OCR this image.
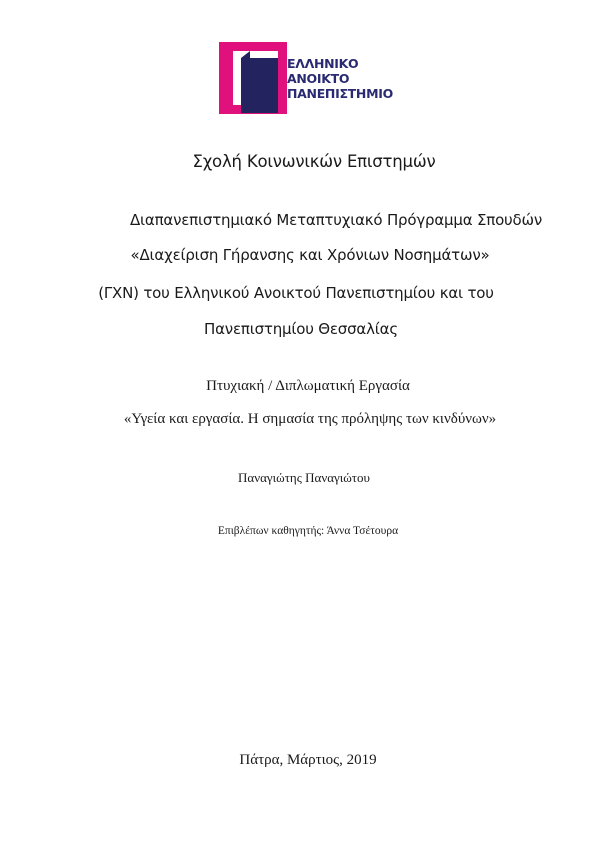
ΕΛΛΗΝΙΚΟ
ΑΝΟΙΚΤΟ
ΠΑΝΕΠΙΣΤΗΜΙΟ
Σχολή Κοινωνικών Επιστημών
Διαπανεπιστημιακό Μεταπτυχιακό Πρόγραμμα Σπουδών
«Διαχείριση Γήρανσης και Χρόνιων Νοσημάτων»
(ΓΧΝ) του Ελληνικού Ανοικτού Πανεπιστημίου και του
Πανεπιστημίου Θεσσαλίας
Πτυχιακή / Διπλωματική Εργασία
«Υγεία και εργασία. Η σημασία της πρόληψης των κινδύνων»
Παναγιώτης Παναγιώτου
Επιβλέπων καθηγητής: Άννα Τσέτουρα
Πάτρα, Μάρτιος, 2019
